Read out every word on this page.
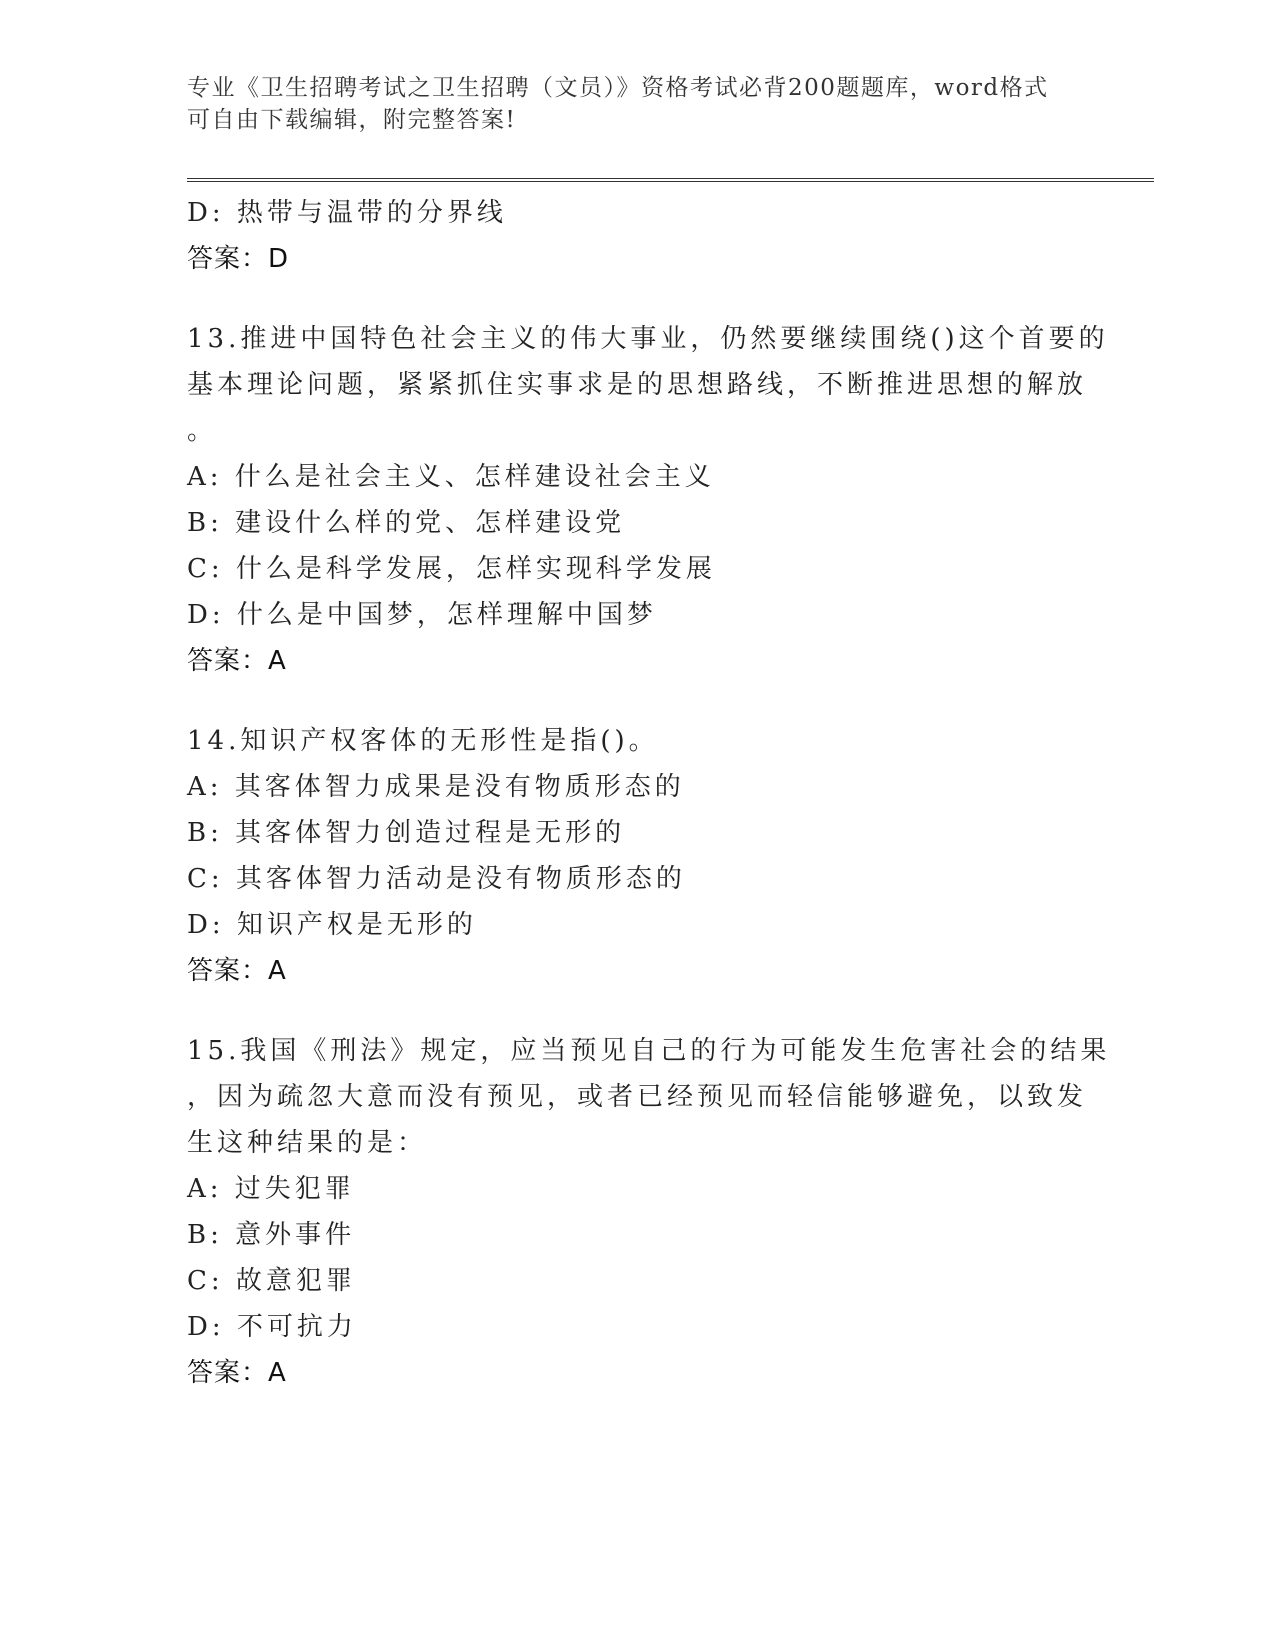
专业《卫生招聘考试之卫生招聘（文员）》资格考试必背200题题库，word格式
可自由下载编辑，附完整答案!
D: 热带与温带的分界线
答案：D
13.推进中国特色社会主义的伟大事业，仍然要继续围绕()这个首要的
基本理论问题，紧紧抓住实事求是的思想路线，不断推进思想的解放
。
A: 什么是社会主义、怎样建设社会主义
B: 建设什么样的党、怎样建设党
C: 什么是科学发展，怎样实现科学发展
D: 什么是中国梦，怎样理解中国梦
答案：A
14.知识产权客体的无形性是指()。
A: 其客体智力成果是没有物质形态的
B: 其客体智力创造过程是无形的
C: 其客体智力活动是没有物质形态的
D: 知识产权是无形的
答案：A
15.我国《刑法》规定，应当预见自己的行为可能发生危害社会的结果
，因为疏忽大意而没有预见，或者已经预见而轻信能够避免，以致发
生这种结果的是：
A: 过失犯罪
B: 意外事件
C: 故意犯罪
D: 不可抗力
答案：A
